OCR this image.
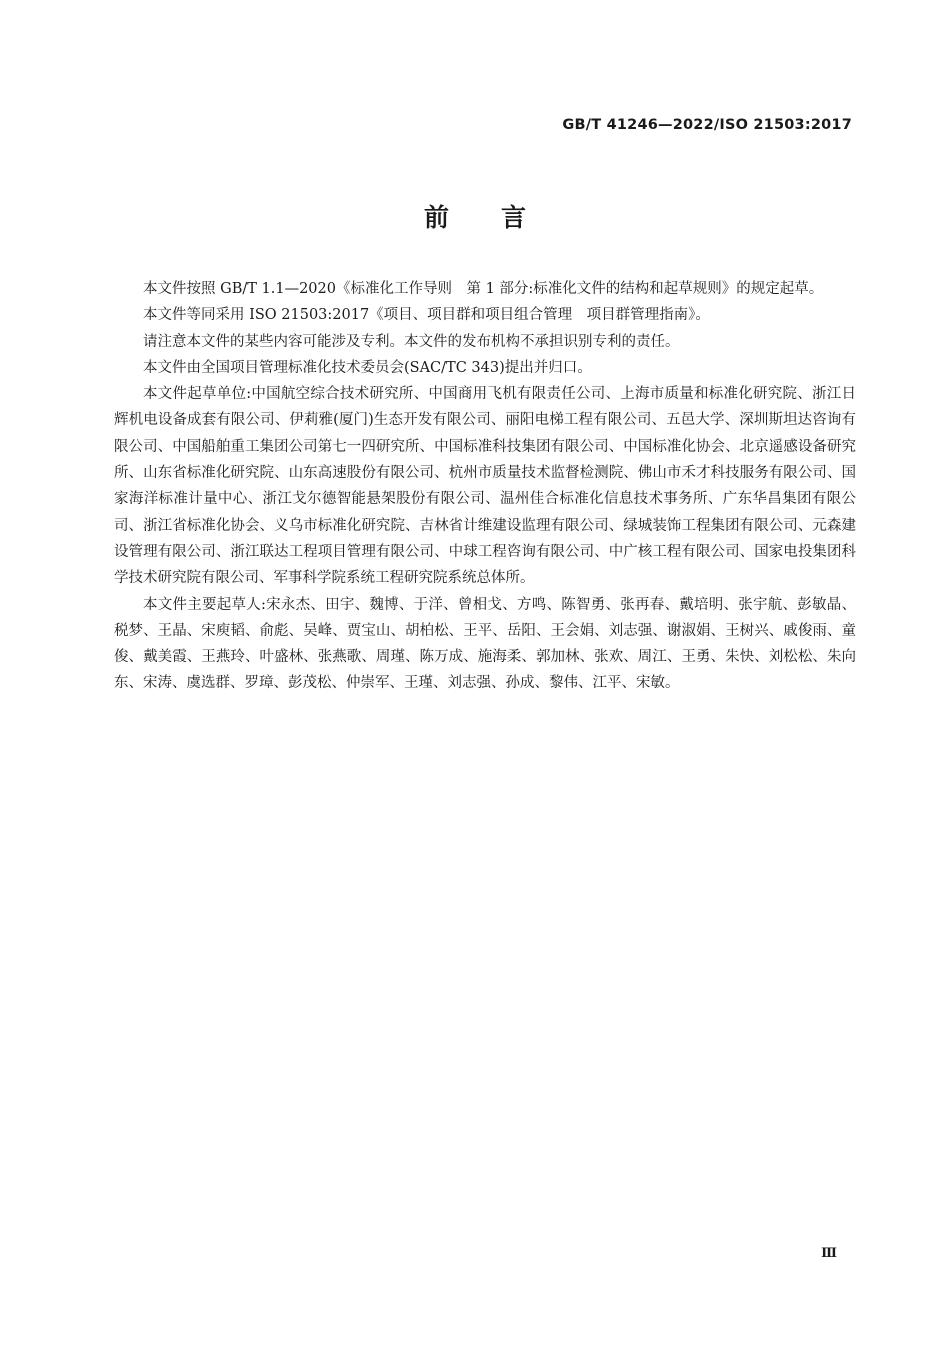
GB/T 41246—2022/ISO 21503:2017
前言

本文件按照 GB/T 1.1—2020《标准化工作导则　第 1 部分:标准化文件的结构和起草规则》的规定起草。

本文件等同采用 ISO 21503:2017《项目、项目群和项目组合管理　项目群管理指南》。

请注意本文件的某些内容可能涉及专利。本文件的发布机构不承担识别专利的责任。

本文件由全国项目管理标准化技术委员会(SAC/TC 343)提出并归口。

本文件起草单位:中国航空综合技术研究所、中国商用飞机有限责任公司、上海市质量和标准化研究院、浙江日辉机电设备成套有限公司、伊莉雅(厦门)生态开发有限公司、丽阳电梯工程有限公司、五邑大学、深圳斯坦达咨询有限公司、中国船舶重工集团公司第七一四研究所、中国标准科技集团有限公司、中国标准化协会、北京遥感设备研究所、山东省标准化研究院、山东高速股份有限公司、杭州市质量技术监督检测院、佛山市禾才科技服务有限公司、国家海洋标准计量中心、浙江戈尔德智能悬架股份有限公司、温州佳合标准化信息技术事务所、广东华昌集团有限公司、浙江省标准化协会、义乌市标准化研究院、吉林省计维建设监理有限公司、绿城装饰工程集团有限公司、元森建设管理有限公司、浙江联达工程项目管理有限公司、中球工程咨询有限公司、中广核工程有限公司、国家电投集团科学技术研究院有限公司、军事科学院系统工程研究院系统总体所。

本文件主要起草人:宋永杰、田宇、魏博、于洋、曾相戈、方鸣、陈智勇、张再春、戴培明、张宇航、彭敏晶、税梦、王晶、宋庾韬、俞彪、吴峰、贾宝山、胡柏松、王平、岳阳、王会娟、刘志强、谢淑娟、王树兴、戚俊雨、童俊、戴美霞、王燕玲、叶盛林、张燕歌、周瑾、陈万成、施海柔、郭加林、张欢、周江、王勇、朱快、刘松松、朱向东、宋涛、虞选群、罗璋、彭茂松、仲崇军、王瑾、刘志强、孙成、黎伟、江平、宋敏。

Ⅲ
